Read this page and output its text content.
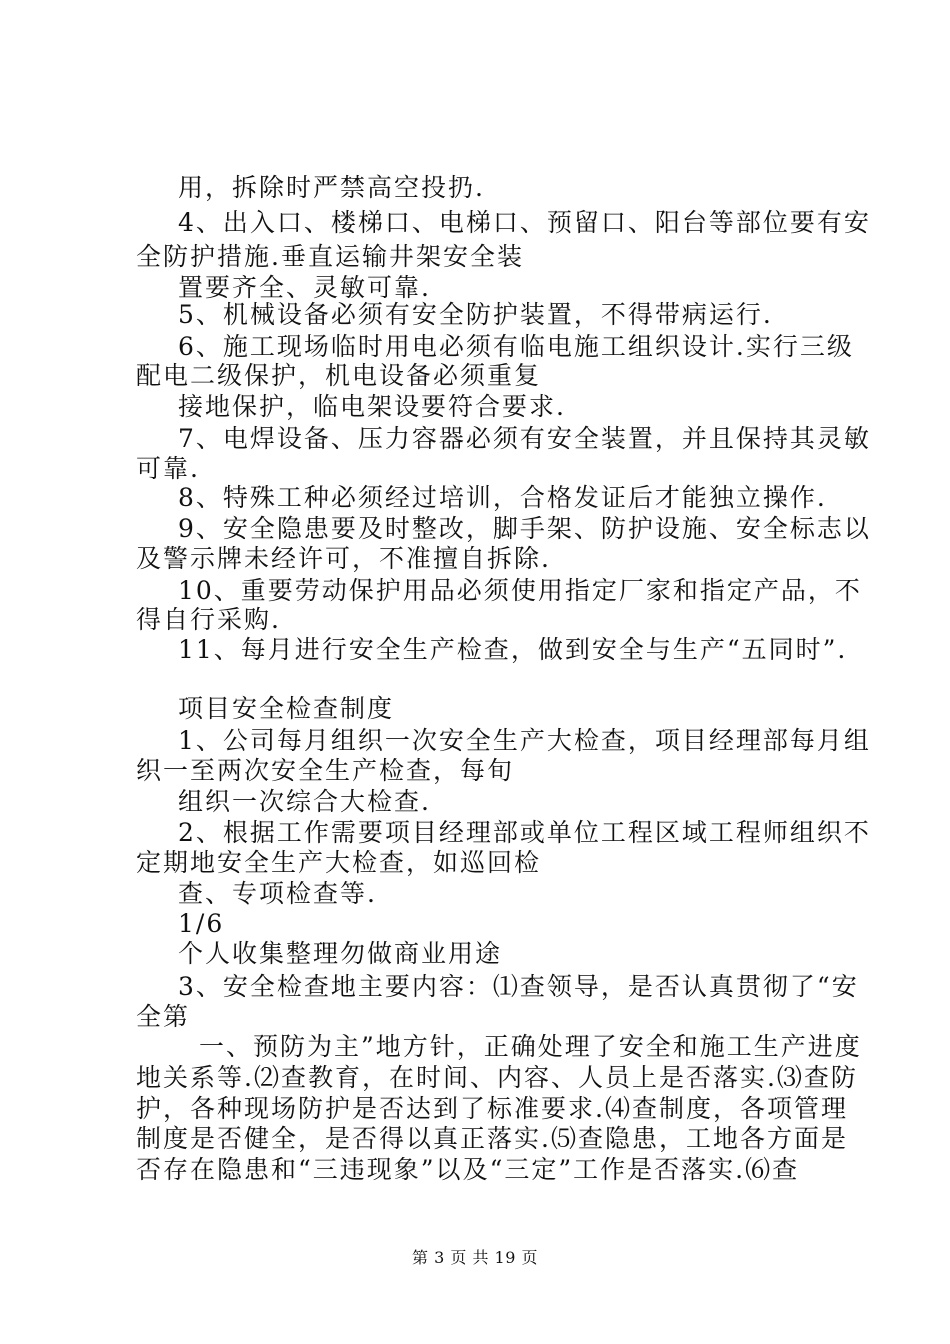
用，拆除时严禁高空投扔.
4、出入口、楼梯口、电梯口、预留口、阳台等部位要有安
全防护措施.垂直运输井架安全装
置要齐全、灵敏可靠.
5、机械设备必须有安全防护装置，不得带病运行.
6、施工现场临时用电必须有临电施工组织设计.实行三级
配电二级保护，机电设备必须重复
接地保护，临电架设要符合要求.
7、电焊设备、压力容器必须有安全装置，并且保持其灵敏
可靠.
8、特殊工种必须经过培训，合格发证后才能独立操作.
9、安全隐患要及时整改，脚手架、防护设施、安全标志以
及警示牌未经许可，不准擅自拆除.
10、重要劳动保护用品必须使用指定厂家和指定产品，不
得自行采购.
11、每月进行安全生产检查，做到安全与生产“五同时”.
项目安全检查制度
1、公司每月组织一次安全生产大检查，项目经理部每月组
织一至两次安全生产检查，每旬
组织一次综合大检查.
2、根据工作需要项目经理部或单位工程区域工程师组织不
定期地安全生产大检查，如巡回检
查、专项检查等.
1/6
个人收集整理勿做商业用途
3、安全检查地主要内容：⑴查领导，是否认真贯彻了“安
全第
一、预防为主”地方针，正确处理了安全和施工生产进度
地关系等.⑵查教育，在时间、内容、人员上是否落实.⑶查防
护，各种现场防护是否达到了标准要求.⑷查制度，各项管理
制度是否健全，是否得以真正落实.⑸查隐患，工地各方面是
否存在隐患和“三违现象”以及“三定”工作是否落实.⑹查
第 3 页 共 19 页
